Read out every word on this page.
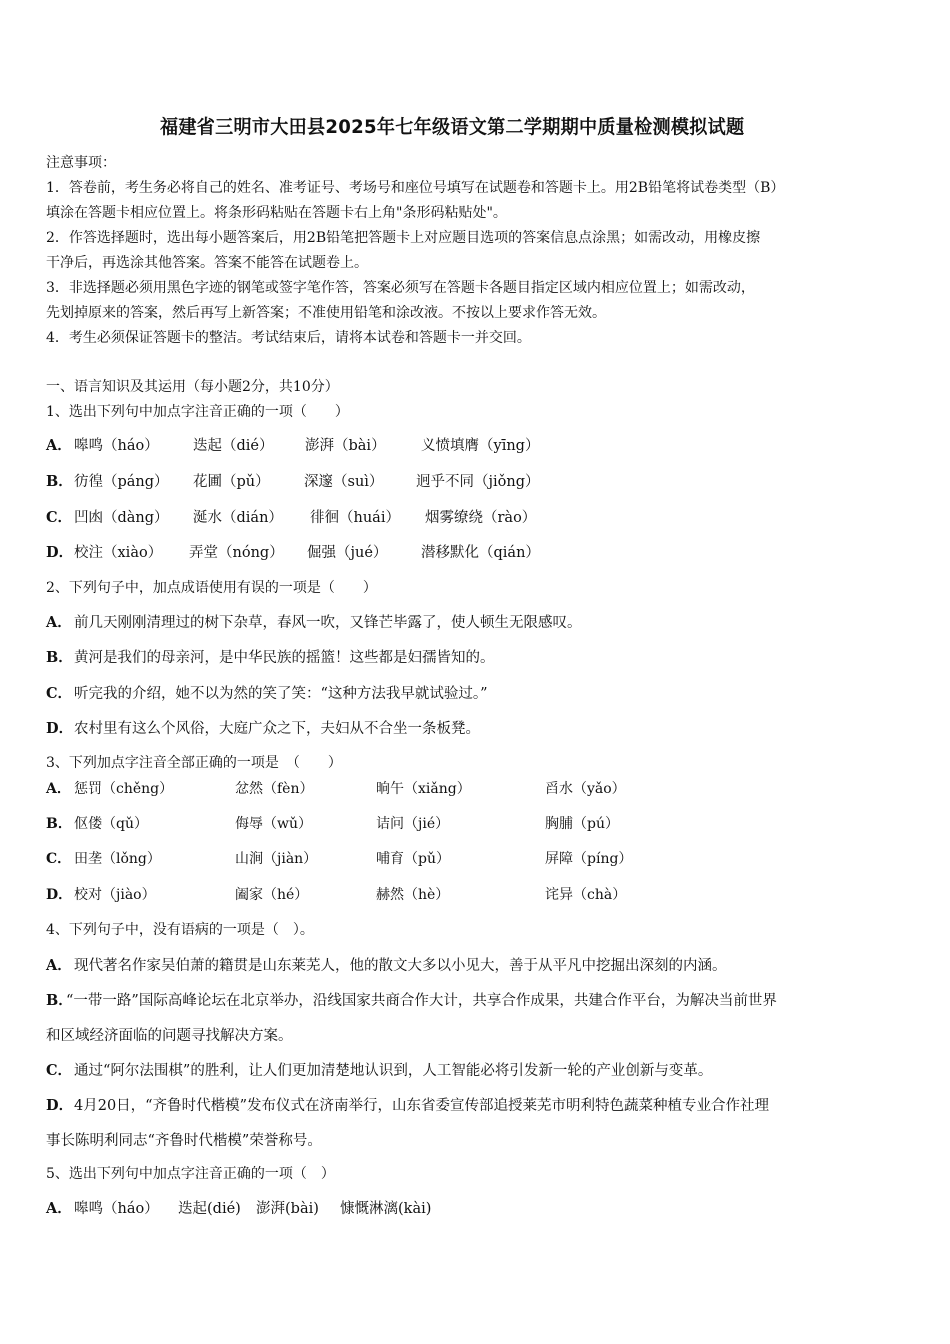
福建省三明市大田县2025年七年级语文第二学期期中质量检测模拟试题
注意事项：
1．答卷前，考生务必将自己的姓名、准考证号、考场号和座位号填写在试题卷和答题卡上。用2B铅笔将试卷类型（B）
填涂在答题卡相应位置上。将条形码粘贴在答题卡右上角"条形码粘贴处"。
2．作答选择题时，选出每小题答案后，用2B铅笔把答题卡上对应题目选项的答案信息点涂黑；如需改动，用橡皮擦
干净后，再选涂其他答案。答案不能答在试题卷上。
3．非选择题必须用黑色字迹的钢笔或签字笔作答，答案必须写在答题卡各题目指定区域内相应位置上；如需改动，
先划掉原来的答案，然后再写上新答案；不准使用铅笔和涂改液。不按以上要求作答无效。
4．考生必须保证答题卡的整洁。考试结束后，请将本试卷和答题卡一并交回。
一、语言知识及其运用（每小题2分，共10分）
1、选出下列句中加点字注音正确的一项（　　）
A． 嗥鸣（háo） 迭起（dié） 澎湃（bài） 义愤填膺（yīng）
B． 彷徨（páng） 花圃（pǔ） 深邃（suì） 迥乎不同（jiǒng）
C． 凹凼（dàng） 涎水（dián） 徘徊（huái） 烟雾缭绕（rào）
D． 校注（xiào） 弄堂（nóng） 倔强（jué） 潜移默化（qián）
2、下列句子中，加点成语使用有误的一项是（　　）
A． 前几天刚刚清理过的树下杂草，春风一吹，又锋芒毕露了，使人顿生无限感叹。
B． 黄河是我们的母亲河，是中华民族的摇篮！这些都是妇孺皆知的。
C． 听完我的介绍，她不以为然的笑了笑：“这种方法我早就试验过。”
D． 农村里有这么个风俗，大庭广众之下，夫妇从不合坐一条板凳。
3、下列加点字注音全部正确的一项是　（　　）
A． 惩罚（chěng）	忿然（fèn）	晌午（xiǎng）	舀水（yǎo）
B． 伛偻（qǔ）	侮辱（wǔ）	诘问（jié）	胸脯（pú）
C． 田垄（lǒng）	山涧（jiàn）	哺育（pǔ）	屏障（píng）
D． 校对（jiào）	阖家（hé）	赫然（hè）	诧异（chà）
4、下列句子中，没有语病的一项是（　）。
A． 现代著名作家吴伯萧的籍贯是山东莱芜人，他的散文大多以小见大，善于从平凡中挖掘出深刻的内涵。
B．
“一带一路”国际高峰论坛在北京举办，沿线国家共商合作大计，共享合作成果，共建合作平台，为解决当前世界
和区域经济面临的问题寻找解决方案。
C． 通过“阿尔法围棋”的胜利，让人们更加清楚地认识到，人工智能必将引发新一轮的产业创新与变革。
D． 4月20日，“齐鲁时代楷模”发布仪式在济南举行，山东省委宣传部追授莱芜市明利特色蔬菜种植专业合作社理
事长陈明利同志“齐鲁时代楷模”荣誉称号。
5、选出下列句中加点字注音正确的一项（　）
A． 嗥鸣（háo） 迭起(dié) 澎湃(bài) 慷慨淋漓(kài)
